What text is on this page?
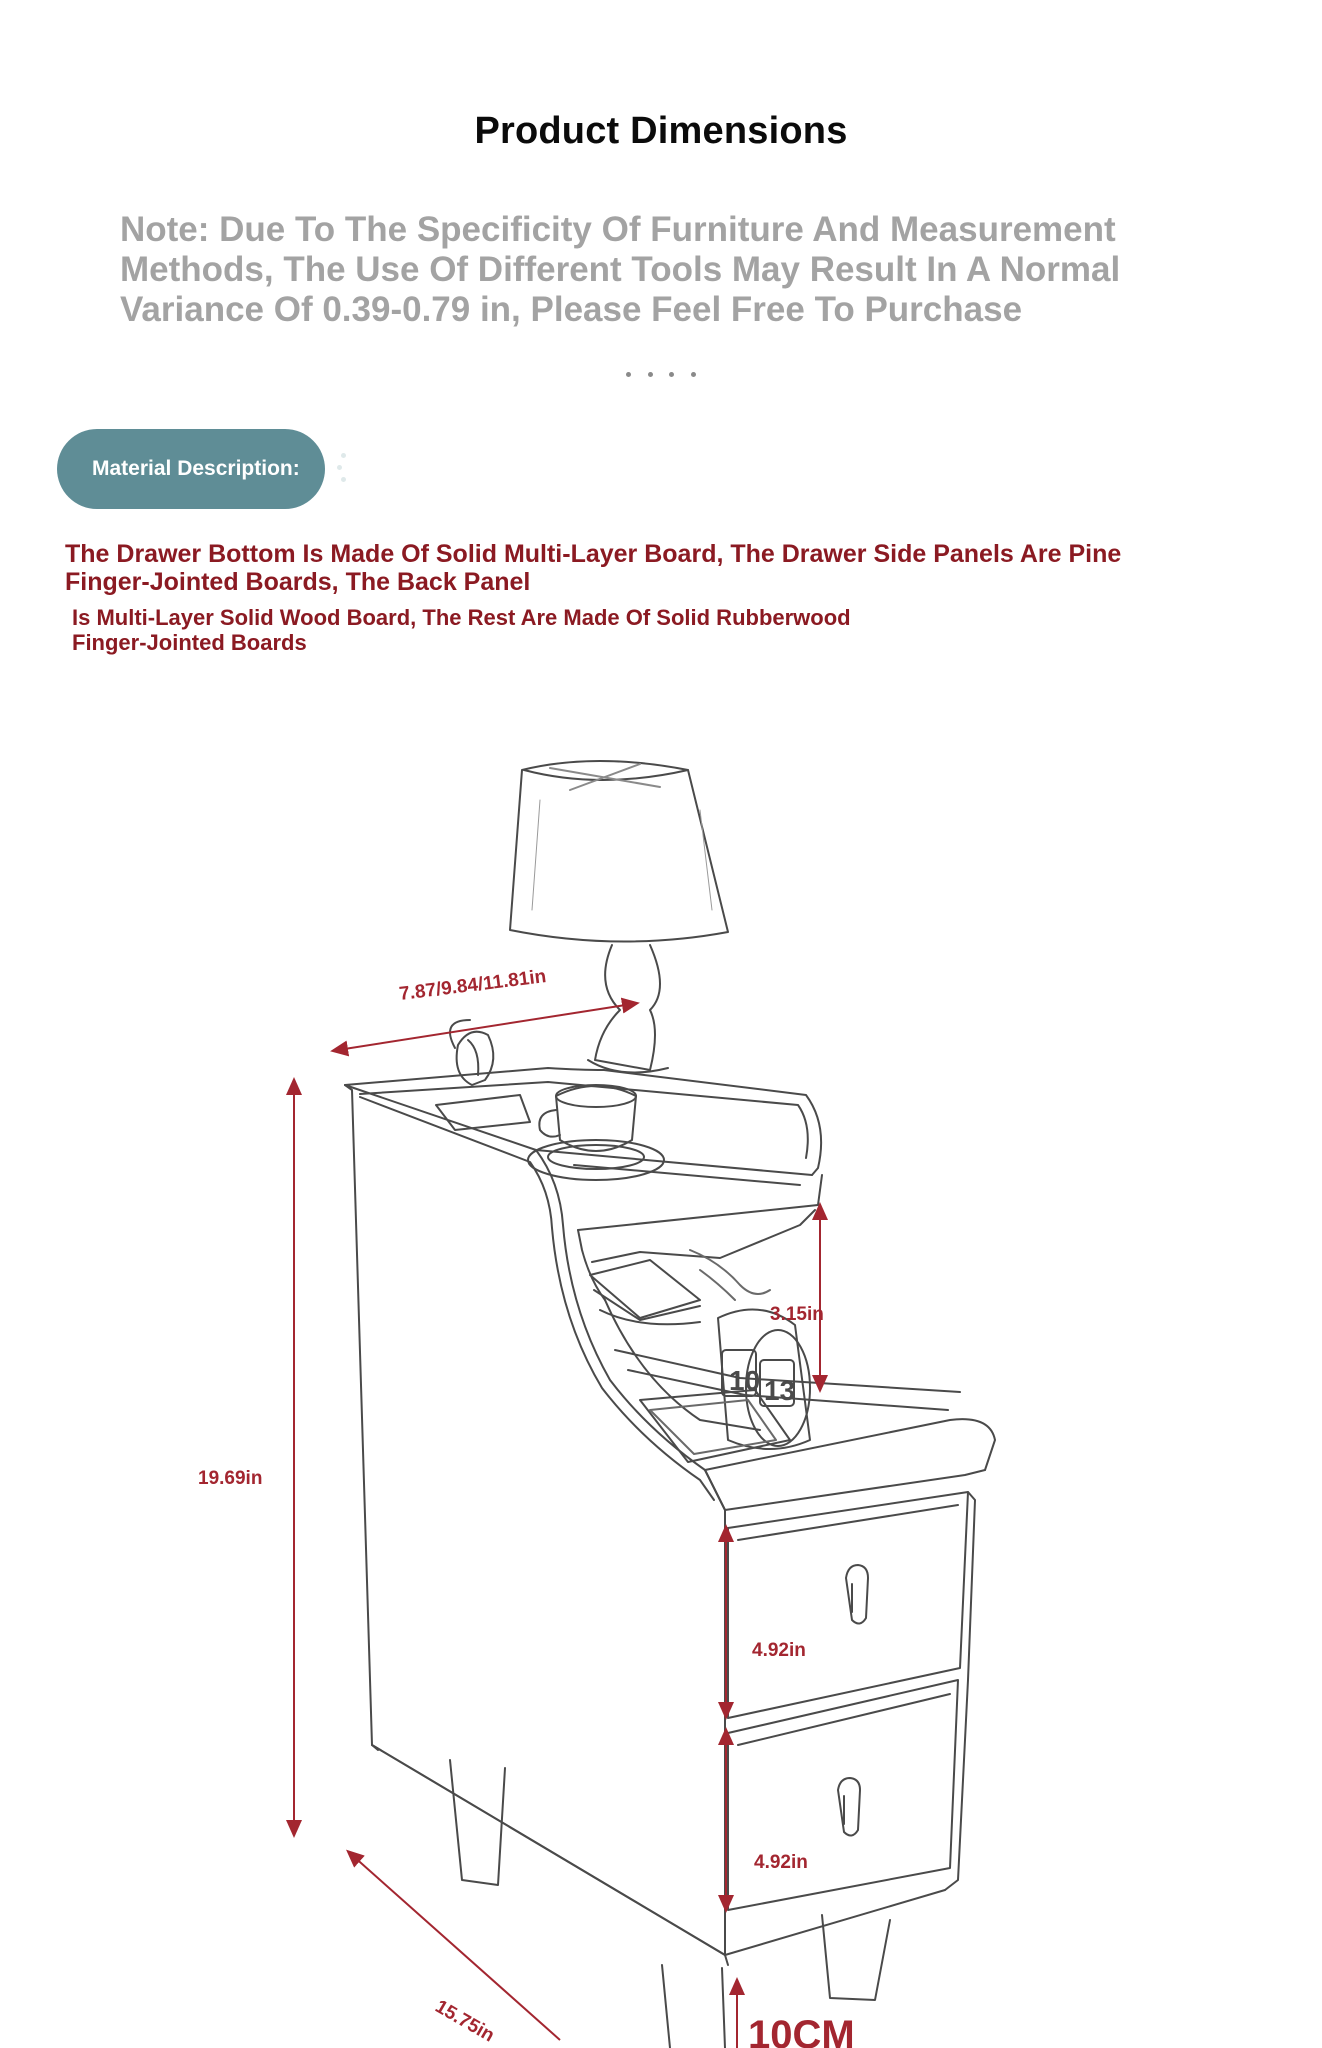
Product Dimensions
Note: Due To The Specificity Of Furniture And Measurement
Methods, The Use Of Different Tools May Result In A Normal
Variance Of 0.39-0.79 in, Please Feel Free To Purchase
Material Description:
The Drawer Bottom Is Made Of Solid Multi-Layer Board, The Drawer Side Panels Are Pine
Finger-Jointed Boards, The Back Panel
Is Multi-Layer Solid Wood Board, The Rest Are Made Of Solid Rubberwood
Finger-Jointed Boards
10 13
7.87/9.84/11.81in
19.69in
3.15in
4.92in
4.92in
15.75in	10CM
